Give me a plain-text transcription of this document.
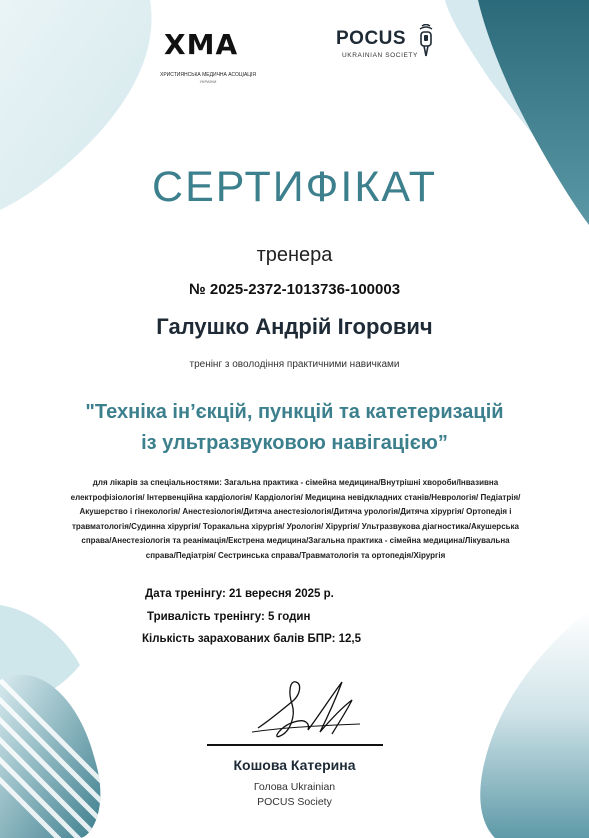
ХМА
ХРИСТИЯНСЬКА МЕДИЧНА АСОЦІАЦІЯ
УКРАЇНИ
POCUS
UKRAINIAN SOCIETY
СЕРТИФІКАТ
тренера
№ 2025-2372-1013736-100003
Галушко Андрій Ігорович
тренінг з оволодіння практичними навичками
"Техніка ін’єкцій, пункцій та катетеризацій
із ультразвуковою навігацією”
для лікарів за спеціальностями: Загальна практика - сімейна медицина/Внутрішні хвороби/Інвазивна електрофізіологія/ Інтервенційна кардіологія/ Кардіологія/ Медицина невідкладних станів/Неврологія/ Педіатрія/Акушерство і гінекологія/ Анестезіологія/Дитяча анестезіологія/Дитяча урологія/Дитяча хірургія/ Ортопедія і травматологія/Судинна хірургія/ Торакальна хірургія/ Урологія/ Хірургія/ Ультразвукова діагностика/Акушерська справа/Анестезіологія та реанімація/Екстрена медицина/Загальна практика - сімейна медицина/Лікувальна справа/Педіатрія/ Сестринська справа/Травматологія та ортопедія/Хірургія
Дата тренінгу: 21 вересня 2025 р.
Тривалість тренінгу: 5 годин
Кількість зарахованих балів БПР: 12,5
Кошова Катерина
Голова Ukrainian
POCUS Society
